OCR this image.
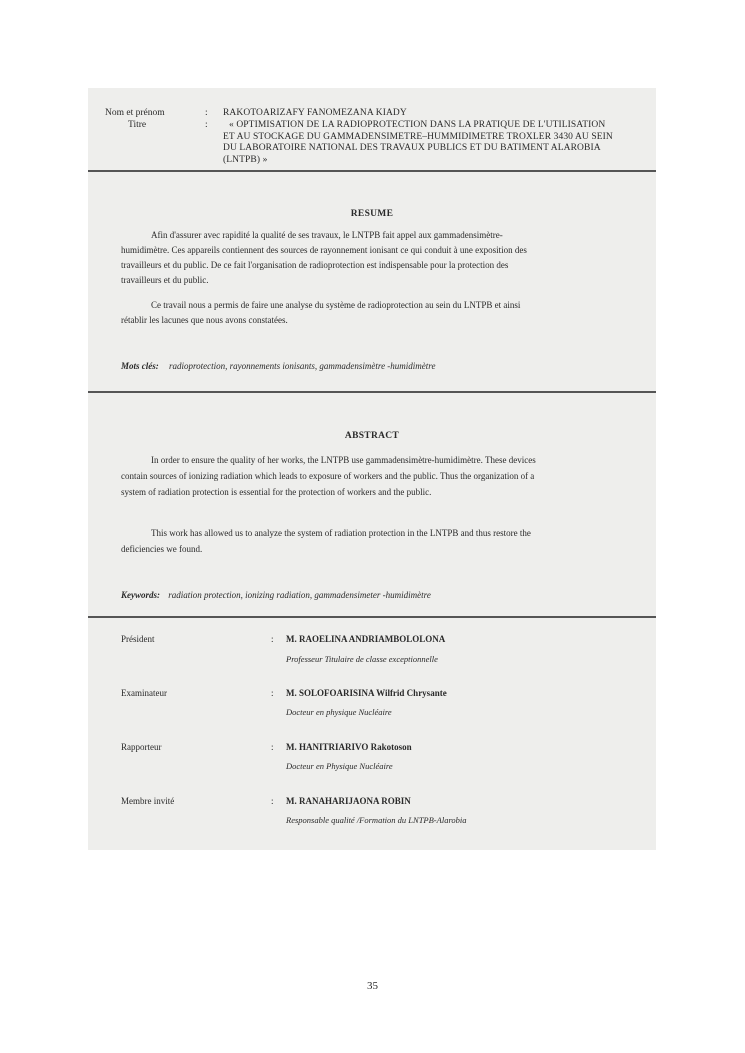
Nom et prénom	: RAKOTOARIZAFY FANOMEZANA KIADY
Titre	:	« OPTIMISATION DE LA RADIOPROTECTION DANS LA PRATIQUE DE L'UTILISATION
ET AU STOCKAGE DU GAMMADENSIMETRE–HUMMIDIMETRE TROXLER 3430 AU SEIN
DU LABORATOIRE NATIONAL DES TRAVAUX PUBLICS ET DU BATIMENT ALAROBIA
(LNTPB) »
RESUME
Afin d'assurer avec rapidité la qualité de ses travaux, le LNTPB fait appel aux gammadensimètre-
humidimètre. Ces appareils contiennent des sources de rayonnement ionisant ce qui conduit à une exposition des
travailleurs et du public. De ce fait l'organisation de radioprotection est indispensable pour la protection des
travailleurs et du public.
Ce travail nous a permis de faire une analyse du système de radioprotection au sein du LNTPB et ainsi
rétablir les lacunes que nous avons constatées.
Mots clés: radioprotection, rayonnements ionisants, gammadensimètre -humidimètre
ABSTRACT
In order to ensure the quality of her works, the LNTPB use gammadensimètre-humidimètre. These devices
contain sources of ionizing radiation which leads to exposure of workers and the public. Thus the organization of a
system of radiation protection is essential for the protection of workers and the public.
This work has allowed us to analyze the system of radiation protection in the LNTPB and thus restore the
deficiencies we found.
Keywords: radiation protection, ionizing radiation, gammadensimeter -humidimètre
Président	: M. RAOELINA ANDRIAMBOLOLONA
Professeur Titulaire de classe exceptionnelle
Examinateur	: M. SOLOFOARISINA Wilfrid Chrysante
Docteur en physique Nucléaire
Rapporteur	: M. HANITRIARIVO Rakotoson
Docteur en Physique Nucléaire
Membre invité	: M. RANAHARIJAONA ROBIN
Responsable qualité /Formation du LNTPB-Alarobia
35
